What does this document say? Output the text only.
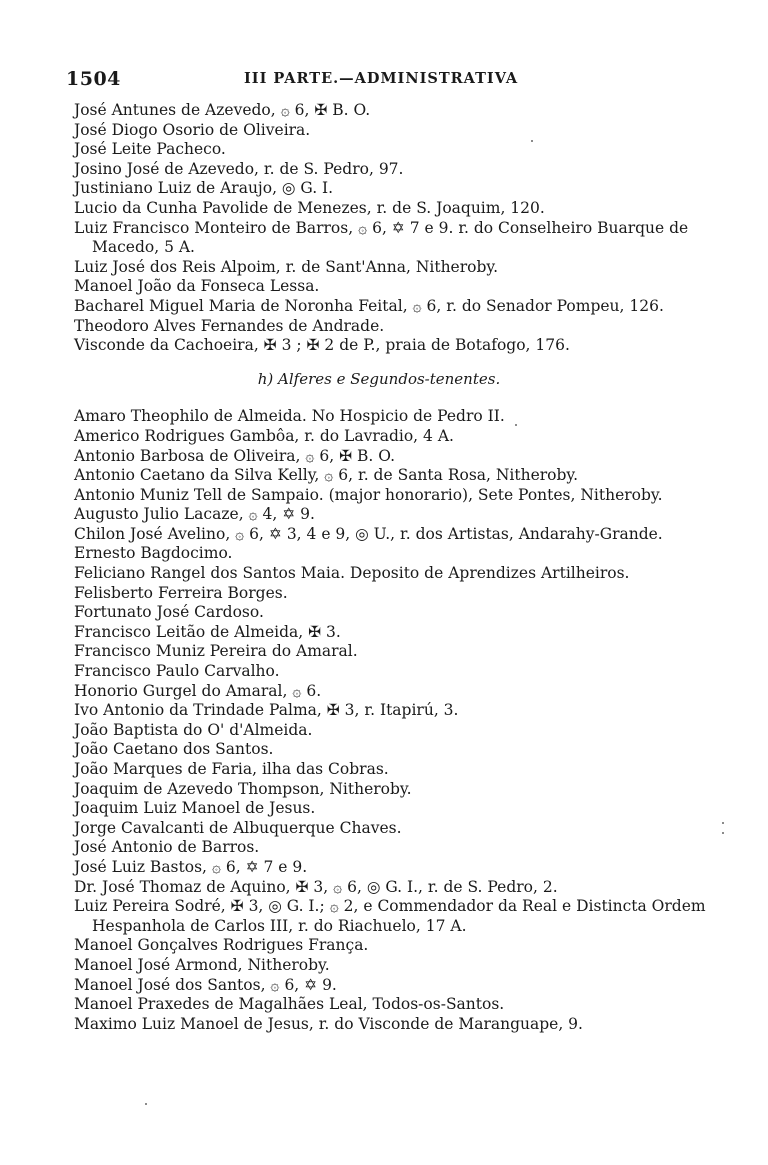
1504	III PARTE.—ADMINISTRATIVA
José Antunes de Azevedo, ۞ 6, ✠ B. O.
José Diogo Osorio de Oliveira.
José Leite Pacheco.
Josino José de Azevedo, r. de S. Pedro, 97.
Justiniano Luiz de Araujo, ◎ G. I.
Lucio da Cunha Pavolide de Menezes, r. de S. Joaquim, 120.
Luiz Francisco Monteiro de Barros, ۞ 6, ✡ 7 e 9. r. do Conselheiro Buarque de Macedo, 5 A.
Luiz José dos Reis Alpoim, r. de Sant'Anna, Nitheroby.
Manoel João da Fonseca Lessa.
Bacharel Miguel Maria de Noronha Feital, ۞ 6, r. do Senador Pompeu, 126.
Theodoro Alves Fernandes de Andrade.
Visconde da Cachoeira, ✠ 3 ; ✠ 2 de P., praia de Botafogo, 176.
h) Alferes e Segundos-tenentes.
Amaro Theophilo de Almeida. No Hospicio de Pedro II.
Americo Rodrigues Gambôa, r. do Lavradio, 4 A.
Antonio Barbosa de Oliveira, ۞ 6, ✠ B. O.
Antonio Caetano da Silva Kelly, ۞ 6, r. de Santa Rosa, Nitheroby.
Antonio Muniz Tell de Sampaio. (major honorario), Sete Pontes, Nitheroby.
Augusto Julio Lacaze, ۞ 4, ✡ 9.
Chilon José Avelino, ۞ 6, ✡ 3, 4 e 9, ◎ U., r. dos Artistas, Andarahy-Grande.
Ernesto Bagdocimo.
Feliciano Rangel dos Santos Maia. Deposito de Aprendizes Artilheiros.
Felisberto Ferreira Borges.
Fortunato José Cardoso.
Francisco Leitão de Almeida, ✠ 3.
Francisco Muniz Pereira do Amaral.
Francisco Paulo Carvalho.
Honorio Gurgel do Amaral, ۞ 6.
Ivo Antonio da Trindade Palma, ✠ 3, r. Itapirú, 3.
João Baptista do O' d'Almeida.
João Caetano dos Santos.
João Marques de Faria, ilha das Cobras.
Joaquim de Azevedo Thompson, Nitheroby.
Joaquim Luiz Manoel de Jesus.
Jorge Cavalcanti de Albuquerque Chaves.
José Antonio de Barros.
José Luiz Bastos, ۞ 6, ✡ 7 e 9.
Dr. José Thomaz de Aquino, ✠ 3, ۞ 6, ◎ G. I., r. de S. Pedro, 2.
Luiz Pereira Sodré, ✠ 3, ◎ G. I.; ۞ 2, e Commendador da Real e Distincta Ordem Hespanhola de Carlos III, r. do Riachuelo, 17 A.
Manoel Gonçalves Rodrigues França.
Manoel José Armond, Nitheroby.
Manoel José dos Santos, ۞ 6, ✡ 9.
Manoel Praxedes de Magalhães Leal, Todos-os-Santos.
Maximo Luiz Manoel de Jesus, r. do Visconde de Maranguape, 9.
